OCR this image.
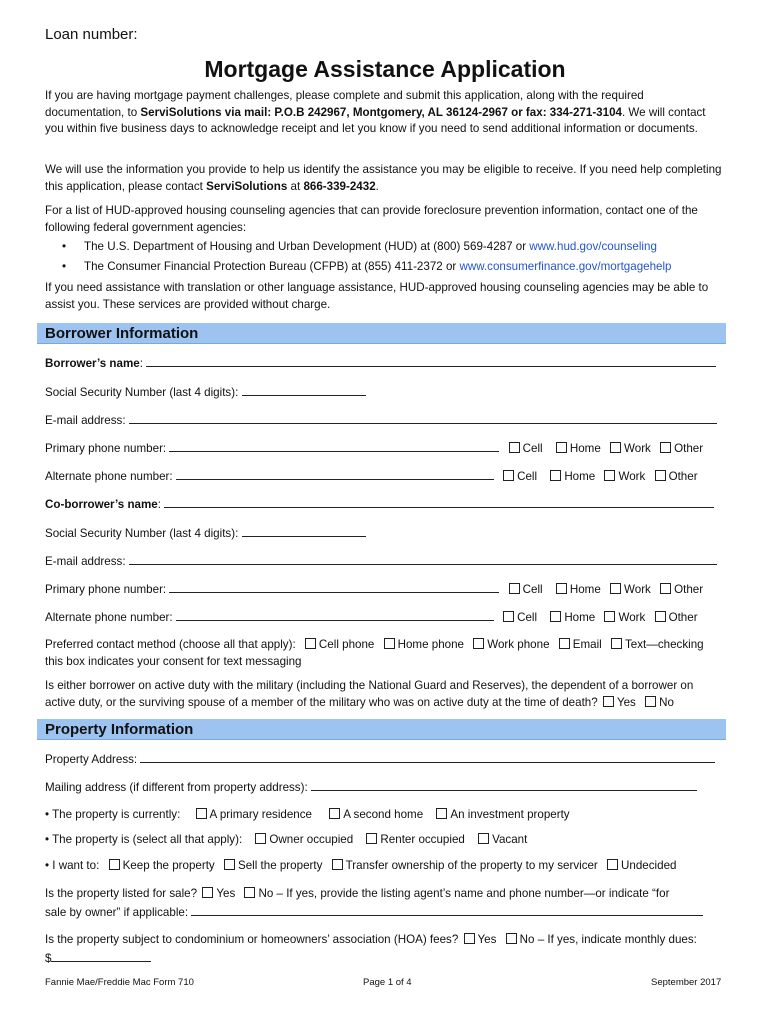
Loan number:
Mortgage Assistance Application
If you are having mortgage payment challenges, please complete and submit this application, along with the required documentation, to ServiSolutions via mail: P.O.B 242967, Montgomery, AL 36124-2967 or fax: 334-271-3104. We will contact you within five business days to acknowledge receipt and let you know if you need to send additional information or documents.
We will use the information you provide to help us identify the assistance you may be eligible to receive. If you need help completing this application, please contact ServiSolutions at 866-339-2432.
For a list of HUD-approved housing counseling agencies that can provide foreclosure prevention information, contact one of the following federal government agencies:
• The U.S. Department of Housing and Urban Development (HUD) at (800) 569-4287 or www.hud.gov/counseling
• The Consumer Financial Protection Bureau (CFPB) at (855) 411-2372 or www.consumerfinance.gov/mortgagehelp
If you need assistance with translation or other language assistance, HUD-approved housing counseling agencies may be able to assist you. These services are provided without charge.
Borrower Information
Borrower’s name:
Social Security Number (last 4 digits):
E-mail address:
Primary phone number:	Cell Home Work Other
Alternate phone number:	Cell Home Work Other
Co-borrower’s name:
Social Security Number (last 4 digits):
E-mail address:
Primary phone number:	Cell Home Work Other
Alternate phone number:	Cell Home Work Other
Preferred contact method (choose all that apply): Cell phone Home phone Work phone Email Text—checking
this box indicates your consent for text messaging
Is either borrower on active duty with the military (including the National Guard and Reserves), the dependent of a borrower on active duty, or the surviving spouse of a member of the military who was on active duty at the time of death? Yes No
Property Information
Property Address:
Mailing address (if different from property address):
• The property is currently:	A primary residence	A second home An investment property
• The property is (select all that apply): Owner occupied Renter occupied Vacant
• I want to: Keep the property Sell the property Transfer ownership of the property to my servicer Undecided
Is the property listed for sale? Yes No – If yes, provide the listing agent’s name and phone number—or indicate “for
sale by owner” if applicable:
Is the property subject to condominium or homeowners’ association (HOA) fees? Yes No – If yes, indicate monthly dues:
$
Fannie Mae/Freddie Mac Form 710	Page 1 of 4	September 2017
